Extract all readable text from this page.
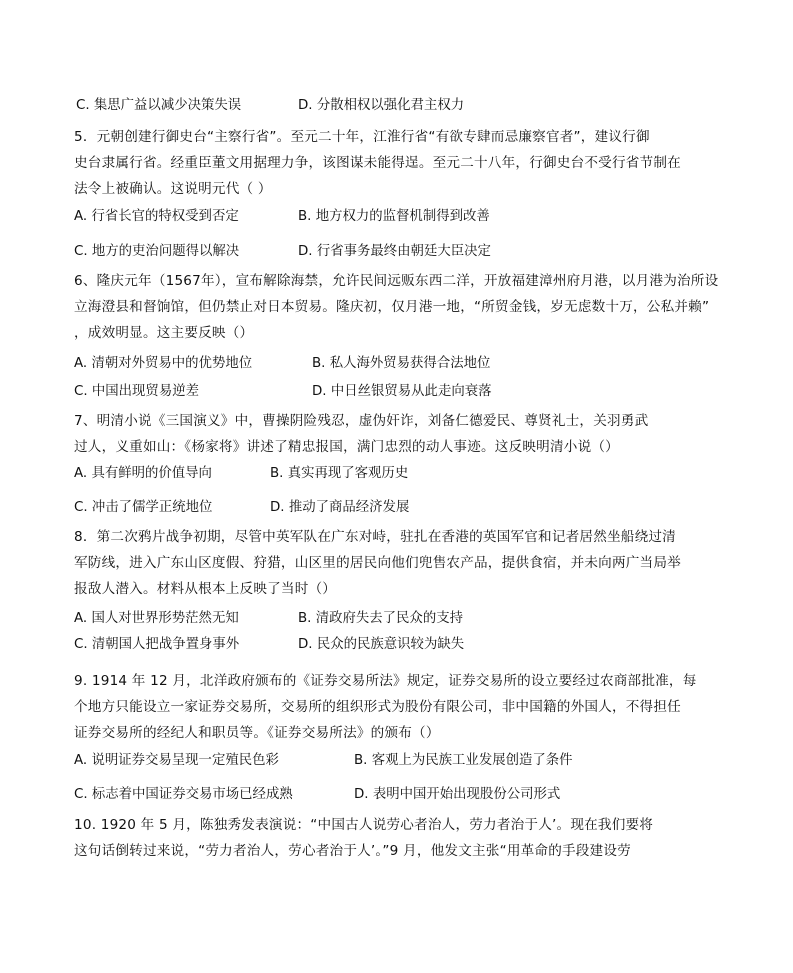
C. 集思广益以减少决策失误	D. 分散相权以强化君主权力
5．元朝创建行御史台“主察行省”。至元二十年，江淮行省“有欲专肆而忌廉察官者”，建议行御
史台隶属行省。经重臣董文用据理力争，该图谋未能得逞。至元二十八年，行御史台不受行省节制在
法令上被确认。这说明元代（ ）
A. 行省长官的特权受到否定	B. 地方权力的监督机制得到改善
C. 地方的吏治问题得以解决	D. 行省事务最终由朝廷大臣决定
6、隆庆元年（1567年），宣布解除海禁，允许民间远贩东西二洋，开放福建漳州府月港，以月港为治所设
立海澄县和督饷馆，但仍禁止对日本贸易。隆庆初，仅月港一地，“所贸金钱，岁无虑数十万，公私并赖”
，成效明显。这主要反映（）
A. 清朝对外贸易中的优势地位	B. 私人海外贸易获得合法地位
C. 中国出现贸易逆差	D. 中日丝银贸易从此走向衰落
7、明清小说《三国演义》中，曹操阴险残忍，虚伪奸诈，刘备仁德爱民、尊贤礼士，关羽勇武
过人，义重如山：《杨家将》讲述了精忠报国，满门忠烈的动人事迹。这反映明清小说（）
A. 具有鲜明的价值导向	B. 真实再现了客观历史
C. 冲击了儒学正统地位	D. 推动了商品经济发展
8．第二次鸦片战争初期，尽管中英军队在广东对峙，驻扎在香港的英国军官和记者居然坐船绕过清
军防线，进入广东山区度假、狩猎，山区里的居民向他们兜售农产品，提供食宿，并未向两广当局举
报敌人潜入。材料从根本上反映了当时（）
A. 国人对世界形势茫然无知	B. 清政府失去了民众的支持
C. 清朝国人把战争置身事外	D. 民众的民族意识较为缺失
9. 1914 年 12 月，北洋政府颁布的《证券交易所法》规定，证券交易所的设立要经过农商部批准，每
个地方只能设立一家证券交易所，交易所的组织形式为股份有限公司，非中国籍的外国人，不得担任
证券交易所的经纪人和职员等。《证券交易所法》的颁布（）
A. 说明证券交易呈现一定殖民色彩	B. 客观上为民族工业发展创造了条件
C. 标志着中国证券交易市场已经成熟	D. 表明中国开始出现股份公司形式
10. 1920 年 5 月，陈独秀发表演说：“中国古人说劳心者治人，劳力者治于人’。现在我们要将
这句话倒转过来说，“劳力者治人，劳心者治于人’。”9 月，他发文主张“用革命的手段建设劳
